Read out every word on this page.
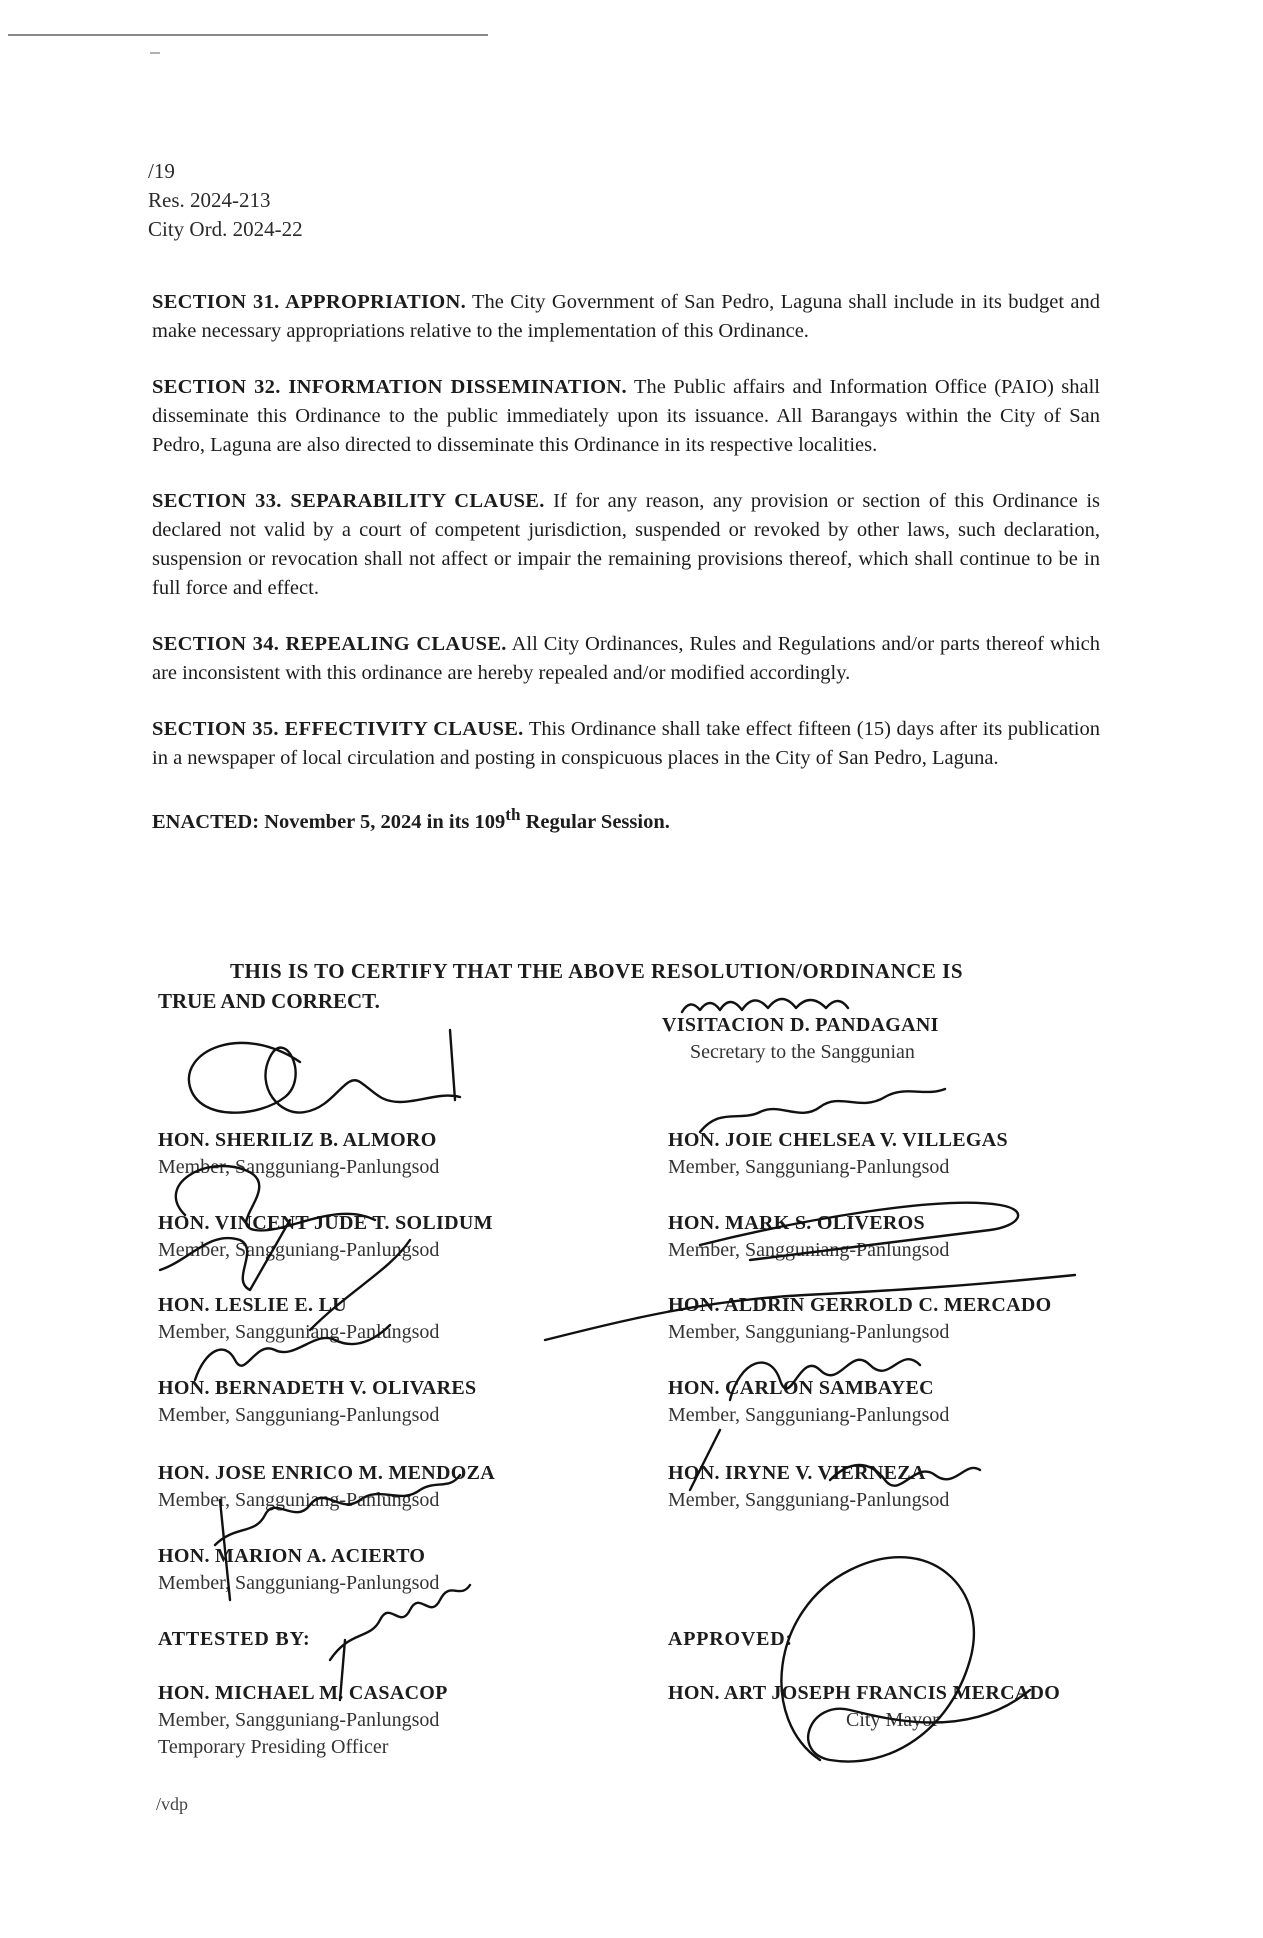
/19
Res. 2024-213
City Ord. 2024-22

SECTION 31. APPROPRIATION. The City Government of San Pedro, Laguna shall include in its budget and make necessary appropriations relative to the implementation of this Ordinance.

SECTION 32. INFORMATION DISSEMINATION. The Public affairs and Information Office (PAIO) shall disseminate this Ordinance to the public immediately upon its issuance. All Barangays within the City of San Pedro, Laguna are also directed to disseminate this Ordinance in its respective localities.

SECTION 33. SEPARABILITY CLAUSE. If for any reason, any provision or section of this Ordinance is declared not valid by a court of competent jurisdiction, suspended or revoked by other laws, such declaration, suspension or revocation shall not affect or impair the remaining provisions thereof, which shall continue to be in full force and effect.

SECTION 34. REPEALING CLAUSE. All City Ordinances, Rules and Regulations and/or parts thereof which are inconsistent with this ordinance are hereby repealed and/or modified accordingly.

SECTION 35. EFFECTIVITY CLAUSE. This Ordinance shall take effect fifteen (15) days after its publication in a newspaper of local circulation and posting in conspicuous places in the City of San Pedro, Laguna.

ENACTED: November 5, 2024 in its 109th Regular Session.

THIS IS TO CERTIFY THAT THE ABOVE RESOLUTION/ORDINANCE IS
TRUE AND CORRECT.
VISITACION D. PANDAGANI
Secretary to the Sanggunian
HON. SHERILIZ B. ALMORO
Member, Sangguniang-Panlungsod
HON. VINCENT JUDE T. SOLIDUM
Member, Sangguniang-Panlungsod
HON. LESLIE E. LU
Member, Sangguniang-Panlungsod
HON. BERNADETH V. OLIVARES
Member, Sangguniang-Panlungsod
HON. JOSE ENRICO M. MENDOZA
Member, Sangguniang-Panlungsod
HON. MARION A. ACIERTO
Member, Sangguniang-Panlungsod
HON. JOIE CHELSEA V. VILLEGAS
Member, Sangguniang-Panlungsod
HON. MARK S. OLIVEROS
Member, Sangguniang-Panlungsod
HON. ALDRIN GERROLD C. MERCADO
Member, Sangguniang-Panlungsod
HON. CARLON SAMBAYEC
Member, Sangguniang-Panlungsod
HON. IRYNE V. VIERNEZA
Member, Sangguniang-Panlungsod
ATTESTED BY:
HON. MICHAEL M. CASACOP
Member, Sangguniang-Panlungsod
Temporary Presiding Officer
APPROVED:
HON. ART JOSEPH FRANCIS MERCADO
City Mayor
/vdp
